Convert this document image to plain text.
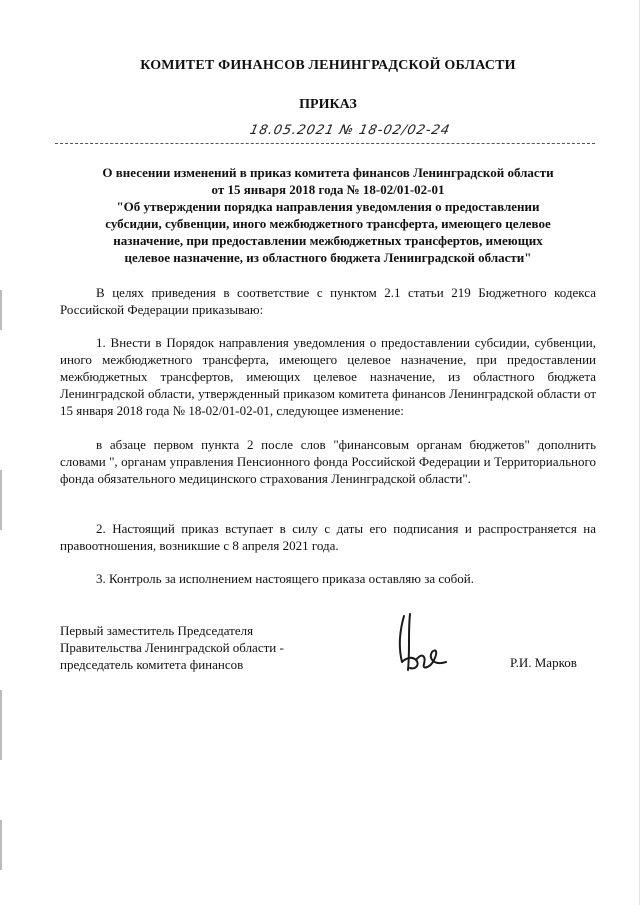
КОМИТЕТ ФИНАНСОВ ЛЕНИНГРАДСКОЙ ОБЛАСТИ
ПРИКАЗ
18.05.2021 № 18-02/02-24

О внесении изменений в приказ комитета финансов Ленинградской области
от 15 января 2018 года № 18-02/01-02-01
"Об утверждении порядка направления уведомления о предоставлении
субсидии, субвенции, иного межбюджетного трансферта, имеющего целевое
назначение, при предоставлении межбюджетных трансфертов, имеющих
целевое назначение, из областного бюджета Ленинградской области"

В целях приведения в соответствие с пунктом 2.1 статьи 219 Бюджетного кодекса Российской Федерации приказываю:

1. Внести в Порядок направления уведомления о предоставлении субсидии, субвенции, иного межбюджетного трансферта, имеющего целевое назначение, при предоставлении межбюджетных трансфертов, имеющих целевое назначение, из областного бюджета Ленинградской области, утвержденный приказом комитета финансов Ленинградской области от 15 января 2018 года № 18-02/01-02-01, следующее изменение:

в абзаце первом пункта 2 после слов "финансовым органам бюджетов" дополнить словами ", органам управления Пенсионного фонда Российской Федерации и Территориального фонда обязательного медицинского страхования Ленинградской области".

2. Настоящий приказ вступает в силу с даты его подписания и распространяется на правоотношения, возникшие с 8 апреля 2021 года.

3. Контроль за исполнением настоящего приказа оставляю за собой.

Первый заместитель Председателя
Правительства Ленинградской области -
председатель комитета финансов	Р.И. Марков
